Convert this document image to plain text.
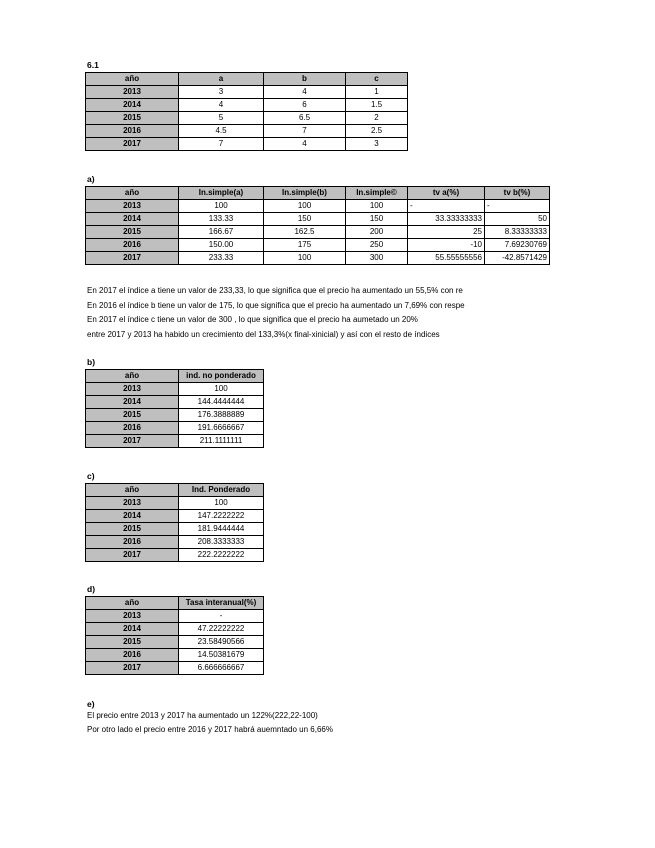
6.1
año	a	b	c
2013	3	4	1
2014	4	6	1.5
2015	5	6.5	2
2016	4.5	7	2.5
2017	7	4	3
a)
año	In.simple(a)	In.simple(b)	In.simple©	tv a(%)	tv b(%)
2013	100	100	100	-	-
2014	133.33	150	150	33.33333333	50
2015	166.67	162.5	200	25	8.33333333
2016	150.00	175	250	-10	7.69230769
2017	233.33	100	300	55.55555556	-42.8571429
En 2017 el índice a tiene un valor de 233,33, lo que significa que el precio ha aumentado un 55,5% con re
En 2016 el índice b tiene un valor de 175, lo que significa que el precio ha aumentado un 7,69% con respe
En 2017 el índice c tiene un valor de 300 , lo que significa que el precio ha aumetado un 20%
entre 2017 y 2013 ha habido un crecimiento del 133,3%(x final-xinicial) y así con el resto de índices
b)
año	ind. no ponderado
2013	100
2014	144.4444444
2015	176.3888889
2016	191.6666667
2017	211.1111111
c)
año	Ind. Ponderado
2013	100
2014	147.2222222
2015	181.9444444
2016	208.3333333
2017	222.2222222
d)
año	Tasa interanual(%)
2013	-
2014	47.22222222
2015	23.58490566
2016	14.50381679
2017	6.666666667
e)
El precio entre 2013 y 2017 ha aumentado un 122%(222,22-100)
Por otro lado el precio entre 2016 y 2017 habrá auemntado un 6,66%
